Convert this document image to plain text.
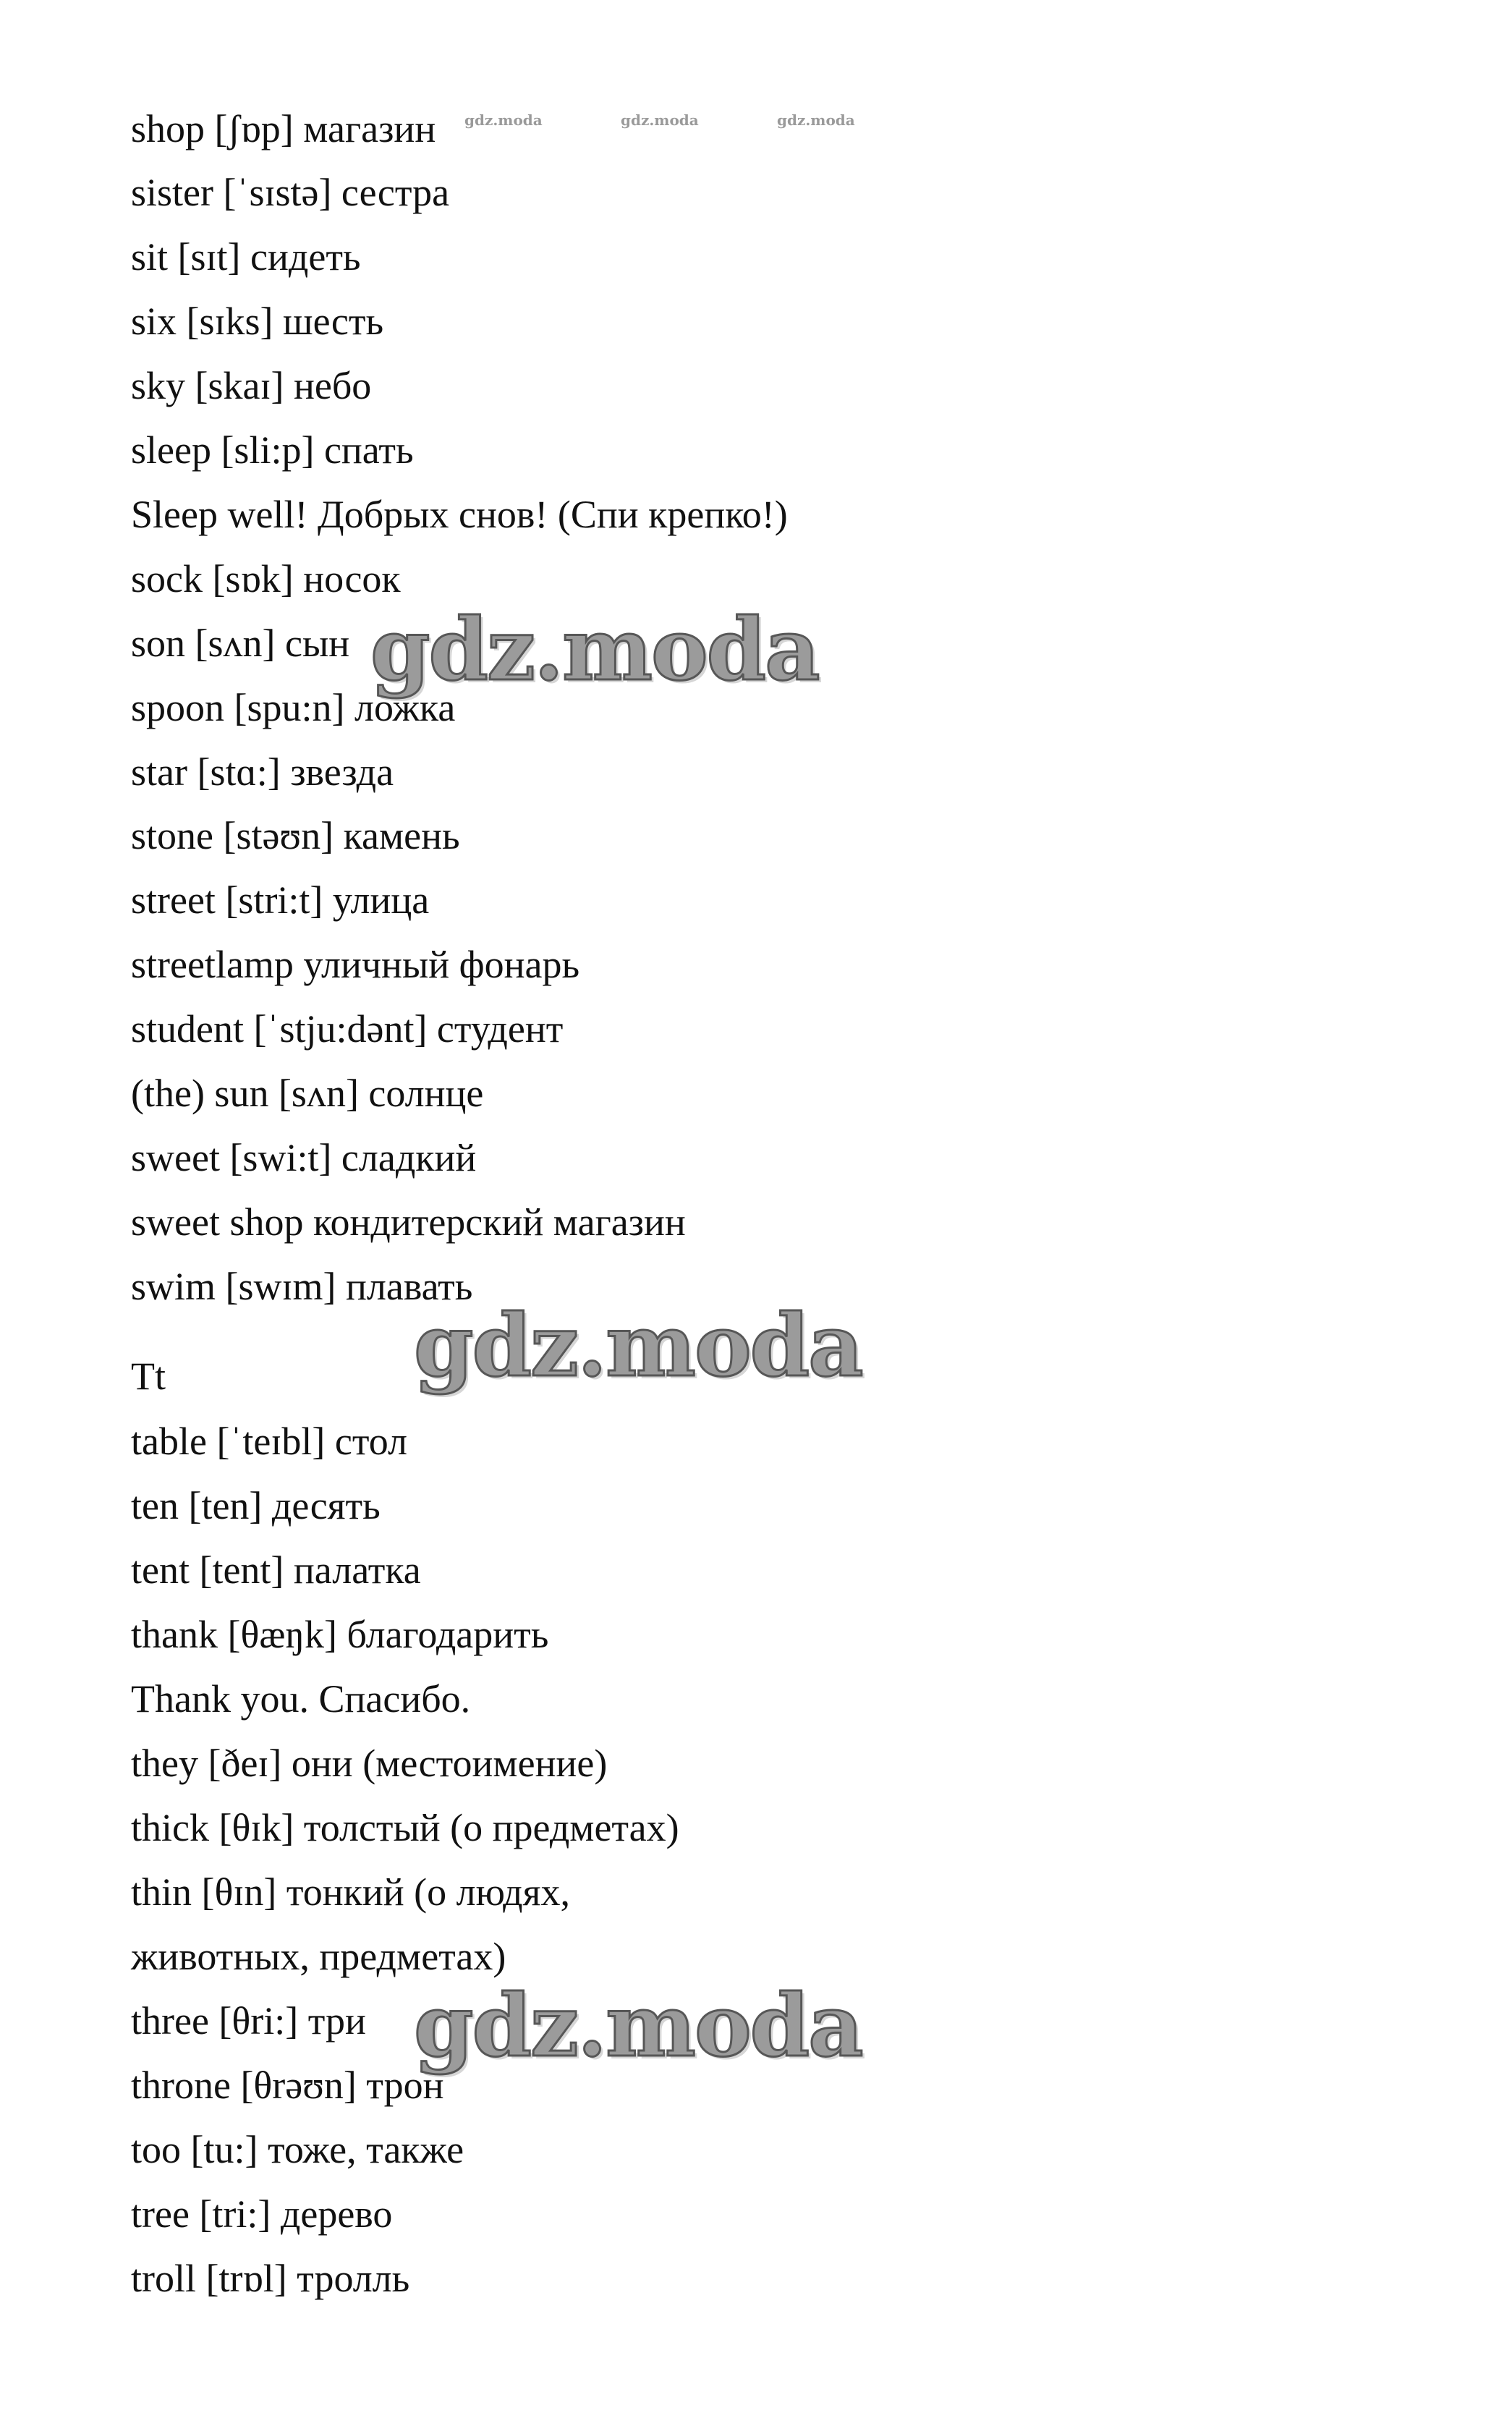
shop [ʃɒp] магазин
sister [ˈsɪstə] сестра
sit [sɪt] сидеть
six [sɪks] шесть
sky [skaɪ] небо
sleep [sli:p] спать
Sleep well! Добрых снов! (Спи крепко!)
sock [sɒk] носок
son [sʌn] сын
spoon [spu:n] ложка
star [stɑ:] звезда
stone [stəʊn] камень
street [stri:t] улица
streetlamp уличный фонарь
student [ˈstju:dənt] студент
(the) sun [sʌn] солнце
sweet [swi:t] сладкий
sweet shop кондитерский магазин
swim [swɪm] плавать
Tt
table [ˈteɪbl] стол
ten [ten] десять
tent [tent] палатка
thank [θæŋk] благодарить
Thank you. Спасибо.
they [ðeɪ] они (местоимение)
thick [θɪk] толстый (о предметах)
thin [θɪn] тонкий (о людях,
животных, предметах)
three [θri:] три
throne [θrəʊn] трон
too [tu:] тоже, также
tree [tri:] дерево
troll [trɒl] тролль
gdz.moda	gdz.moda	gdz.moda
gdz.moda
gdz.moda
gdz.moda
